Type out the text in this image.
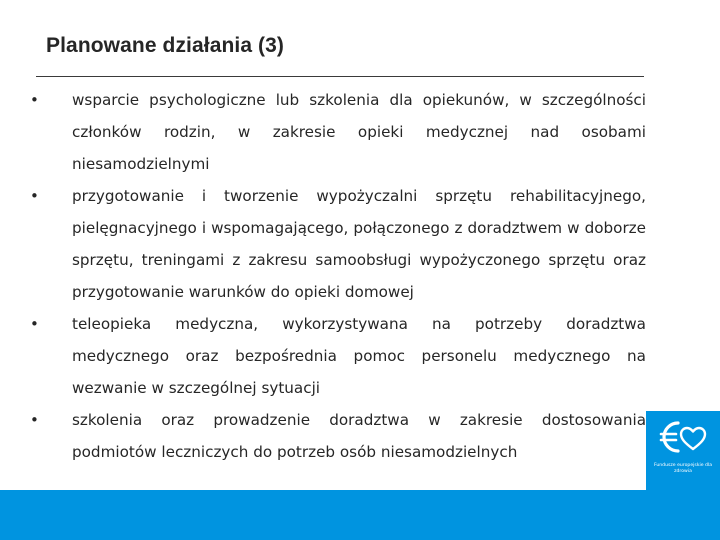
Planowane działania (3)
•	wsparcie psychologiczne lub szkolenia dla opiekunów, w szczególności członków rodzin, w zakresie opieki medycznej nad osobami niesamodzielnymi
•	przygotowanie i tworzenie wypożyczalni sprzętu rehabilitacyjnego, pielęgnacyjnego i wspomagającego, połączonego z doradztwem w doborze sprzętu, treningami z zakresu samoobsługi wypożyczonego sprzętu oraz przygotowanie warunków do opieki domowej
•	teleopieka medyczna, wykorzystywana na potrzeby doradztwa medycznego oraz bezpośrednia pomoc personelu medycznego na wezwanie w szczególnej sytuacji
•	szkolenia oraz prowadzenie doradztwa w zakresie dostosowania podmiotów leczniczych do potrzeb osób niesamodzielnych
Fundusze europejskie dla zdrowia
